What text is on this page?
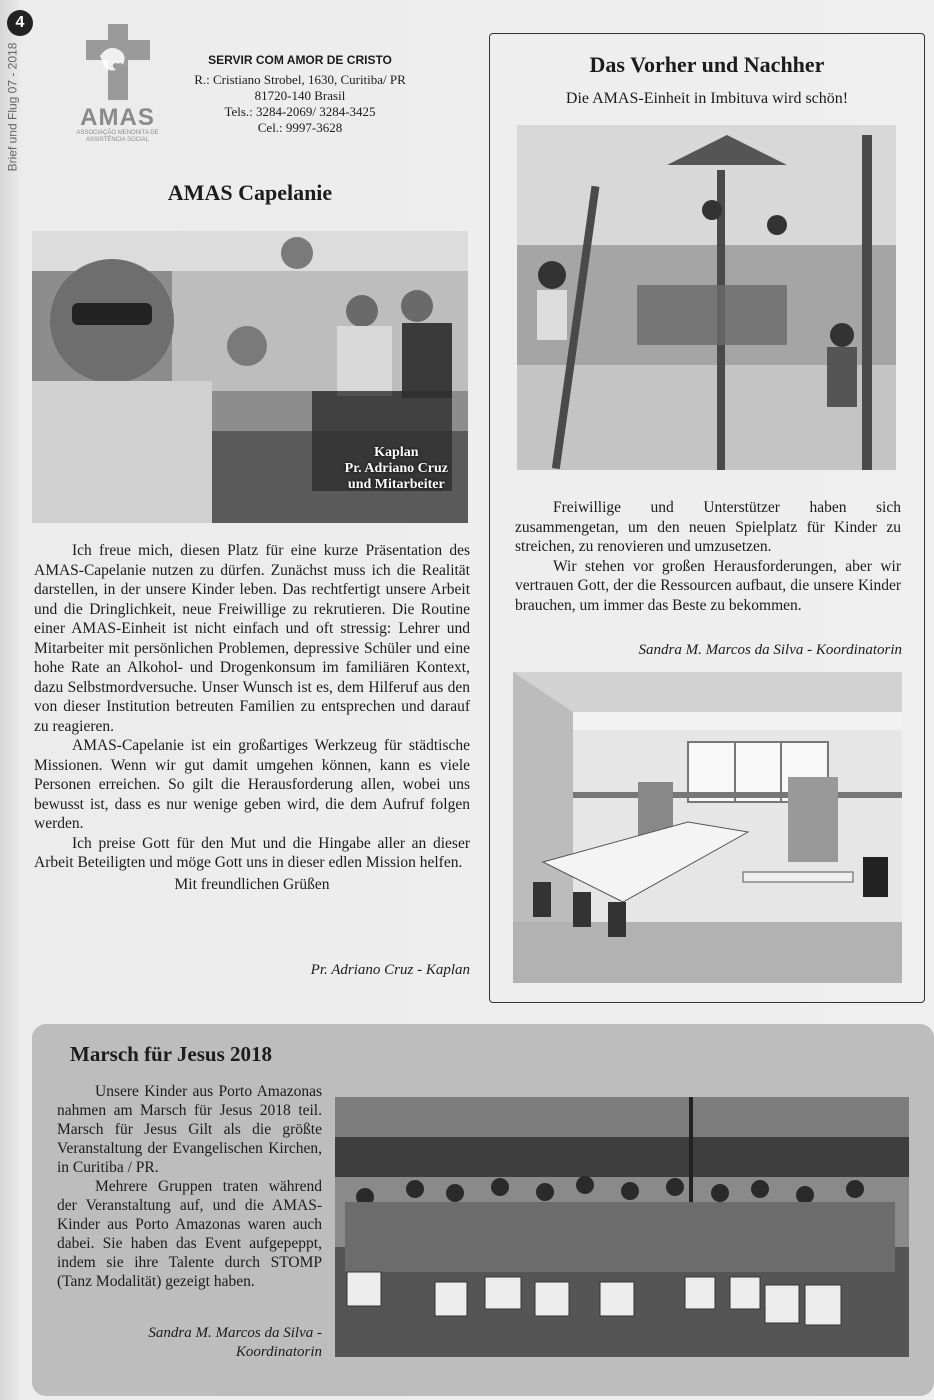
4
Brief und Flug 07 - 2018	AMAS
ASSOCIAÇÃO MENONITA DE ASSISTÊNCIA SOCIAL
SERVIR COM AMOR DE CRISTO
R.: Cristiano Strobel, 1630, Curitiba/ PR
81720-140 Brasil
Tels.: 3284-2069/ 3284-3425
Cel.: 9997-3628
AMAS Capelanie
Kaplan
Pr. Adriano Cruz
und Mitarbeiter

Ich freue mich, diesen Platz für eine kurze Präsentation des AMAS-Capelanie nutzen zu dürfen. Zunächst muss ich die Realität darstellen, in der unsere Kinder leben. Das rechtfertigt unsere Arbeit und die Dringlichkeit, neue Freiwillige zu rekrutieren. Die Routine einer AMAS-Einheit ist nicht einfach und oft stressig: Lehrer und Mitarbeiter mit persönlichen Problemen, depressive Schüler und eine hohe Rate an Alkohol- und Drogenkonsum im familiären Kontext, dazu Selbstmordversuche. Unser Wunsch ist es, dem Hilferuf aus den von dieser Institution betreuten Familien zu entsprechen und darauf zu reagieren.

AMAS-Capelanie ist ein großartiges Werkzeug für städtische Missionen. Wenn wir gut damit umgehen können, kann es viele Personen erreichen. So gilt die Herausforderung allen, wobei uns bewusst ist, dass es nur wenige geben wird, die dem Aufruf folgen werden.

Ich preise Gott für den Mut und die Hingabe aller an dieser Arbeit Beteiligten und möge Gott uns in dieser edlen Mission helfen.

Mit freundlichen Grüßen

Pr. Adriano Cruz - Kaplan
Das Vorher und Nachher
Die AMAS-Einheit in Imbituva wird schön!

Freiwillige und Unterstützer haben sich zusammengetan, um den neuen Spielplatz für Kinder zu streichen, zu renovieren und umzusetzen.

Wir stehen vor großen Herausforderungen, aber wir vertrauen Gott, der die Ressourcen aufbaut, die unsere Kinder brauchen, um immer das Beste zu bekommen.

Sandra M. Marcos da Silva - Koordinatorin
Marsch für Jesus 2018

Unsere Kinder aus Porto Amazonas nahmen am Marsch für Jesus 2018 teil. Marsch für Jesus Gilt als die größte Veranstaltung der Evangelischen Kirchen, in Curitiba / PR.

Mehrere Gruppen traten während der Veranstaltung auf, und die AMAS-Kinder aus Porto Amazonas waren auch dabei. Sie haben das Event aufgepeppt, indem sie ihre Talente durch STOMP (Tanz Modalität) gezeigt haben.

Sandra M. Marcos da Silva -
Koordinatorin
